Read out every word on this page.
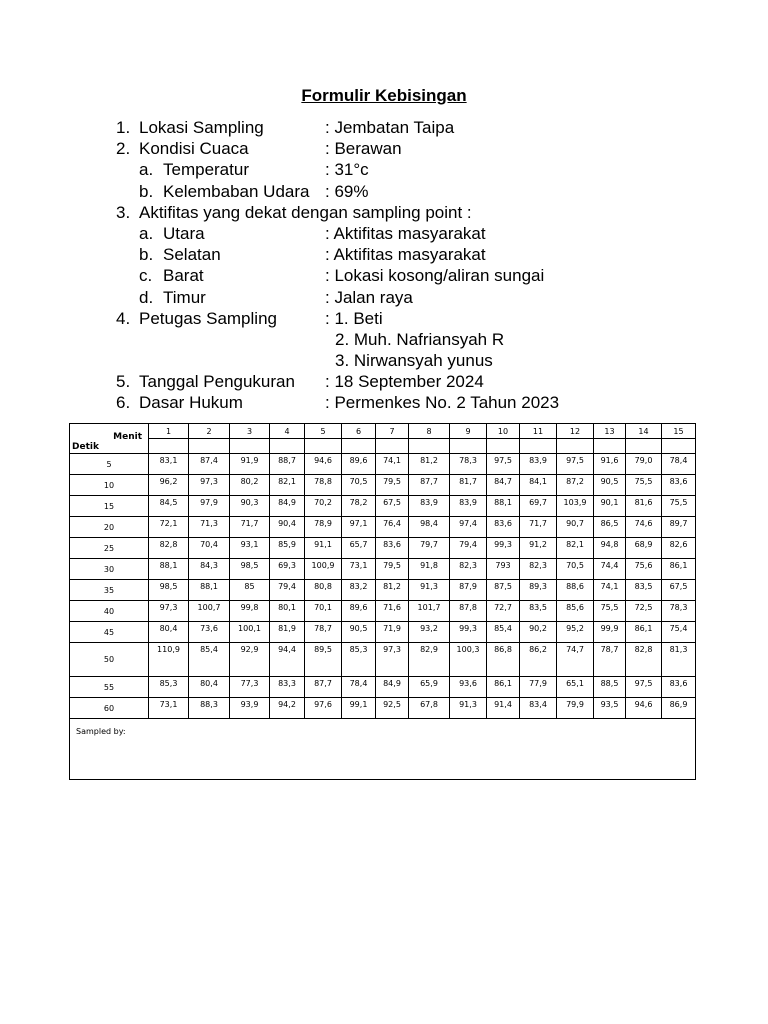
Formulir Kebisingan
1. Lokasi Sampling	: Jembatan Taipa
2. Kondisi Cuaca	: Berawan
a. Temperatur	: 31°c
b. Kelembaban Udara : 69%
3. Aktifitas yang dekat dengan sampling point :
a. Utara	: Aktifitas masyarakat
b. Selatan	: Aktifitas masyarakat
c. Barat	: Lokasi kosong/aliran sungai
d. Timur	: Jalan raya
4. Petugas Sampling	: 1. Beti
2. Muh. Nafriansyah R
3. Nirwansyah yunus
5. Tanggal Pengukuran : 18 September 2024
6. Dasar Hukum	: Permenkes No. 2 Tahun 2023
Menit
Detik	1	2	3	4	5	6	7	8	9	10	11	12	13	14	15

5	83,1	87,4	91,9	88,7	94,6	89,6	74,1	81,2	78,3	97,5	83,9	97,5	91,6	79,0	78,4

10	96,2	97,3	80,2	82,1	78,8	70,5	79,5	87,7	81,7	84,7	84,1	87,2	90,5	75,5	83,6

15	84,5	97,9	90,3	84,9	70,2	78,2	67,5	83,9	83,9	88,1	69,7	103,9	90,1	81,6	75,5

20	72,1	71,3	71,7	90,4	78,9	97,1	76,4	98,4	97,4	83,6	71,7	90,7	86,5	74,6	89,7

25	82,8	70,4	93,1	85,9	91,1	65,7	83,6	79,7	79,4	99,3	91,2	82,1	94,8	68,9	82,6

30	88,1	84,3	98,5	69,3	100,9	73,1	79,5	91,8	82,3	793	82,3	70,5	74,4	75,6	86,1

35	98,5	88,1	85	79,4	80,8	83,2	81,2	91,3	87,9	87,5	89,3	88,6	74,1	83,5	67,5

40	97,3	100,7	99,8	80,1	70,1	89,6	71,6	101,7	87,8	72,7	83,5	85,6	75,5	72,5	78,3

45	80,4	73,6	100,1	81,9	78,7	90,5	71,9	93,2	99,3	85,4	90,2	95,2	99,9	86,1	75,4

50	110,9	85,4	92,9	94,4	89,5	85,3	97,3	82,9	100,3	86,8	86,2	74,7	78,7	82,8	81,3

55	85,3	80,4	77,3	83,3	87,7	78,4	84,9	65,9	93,6	86,1	77,9	65,1	88,5	97,5	83,6

60	73,1	88,3	93,9	94,2	97,6	99,1	92,5	67,8	91,3	91,4	83,4	79,9	93,5	94,6	86,9

Sampled by:															
